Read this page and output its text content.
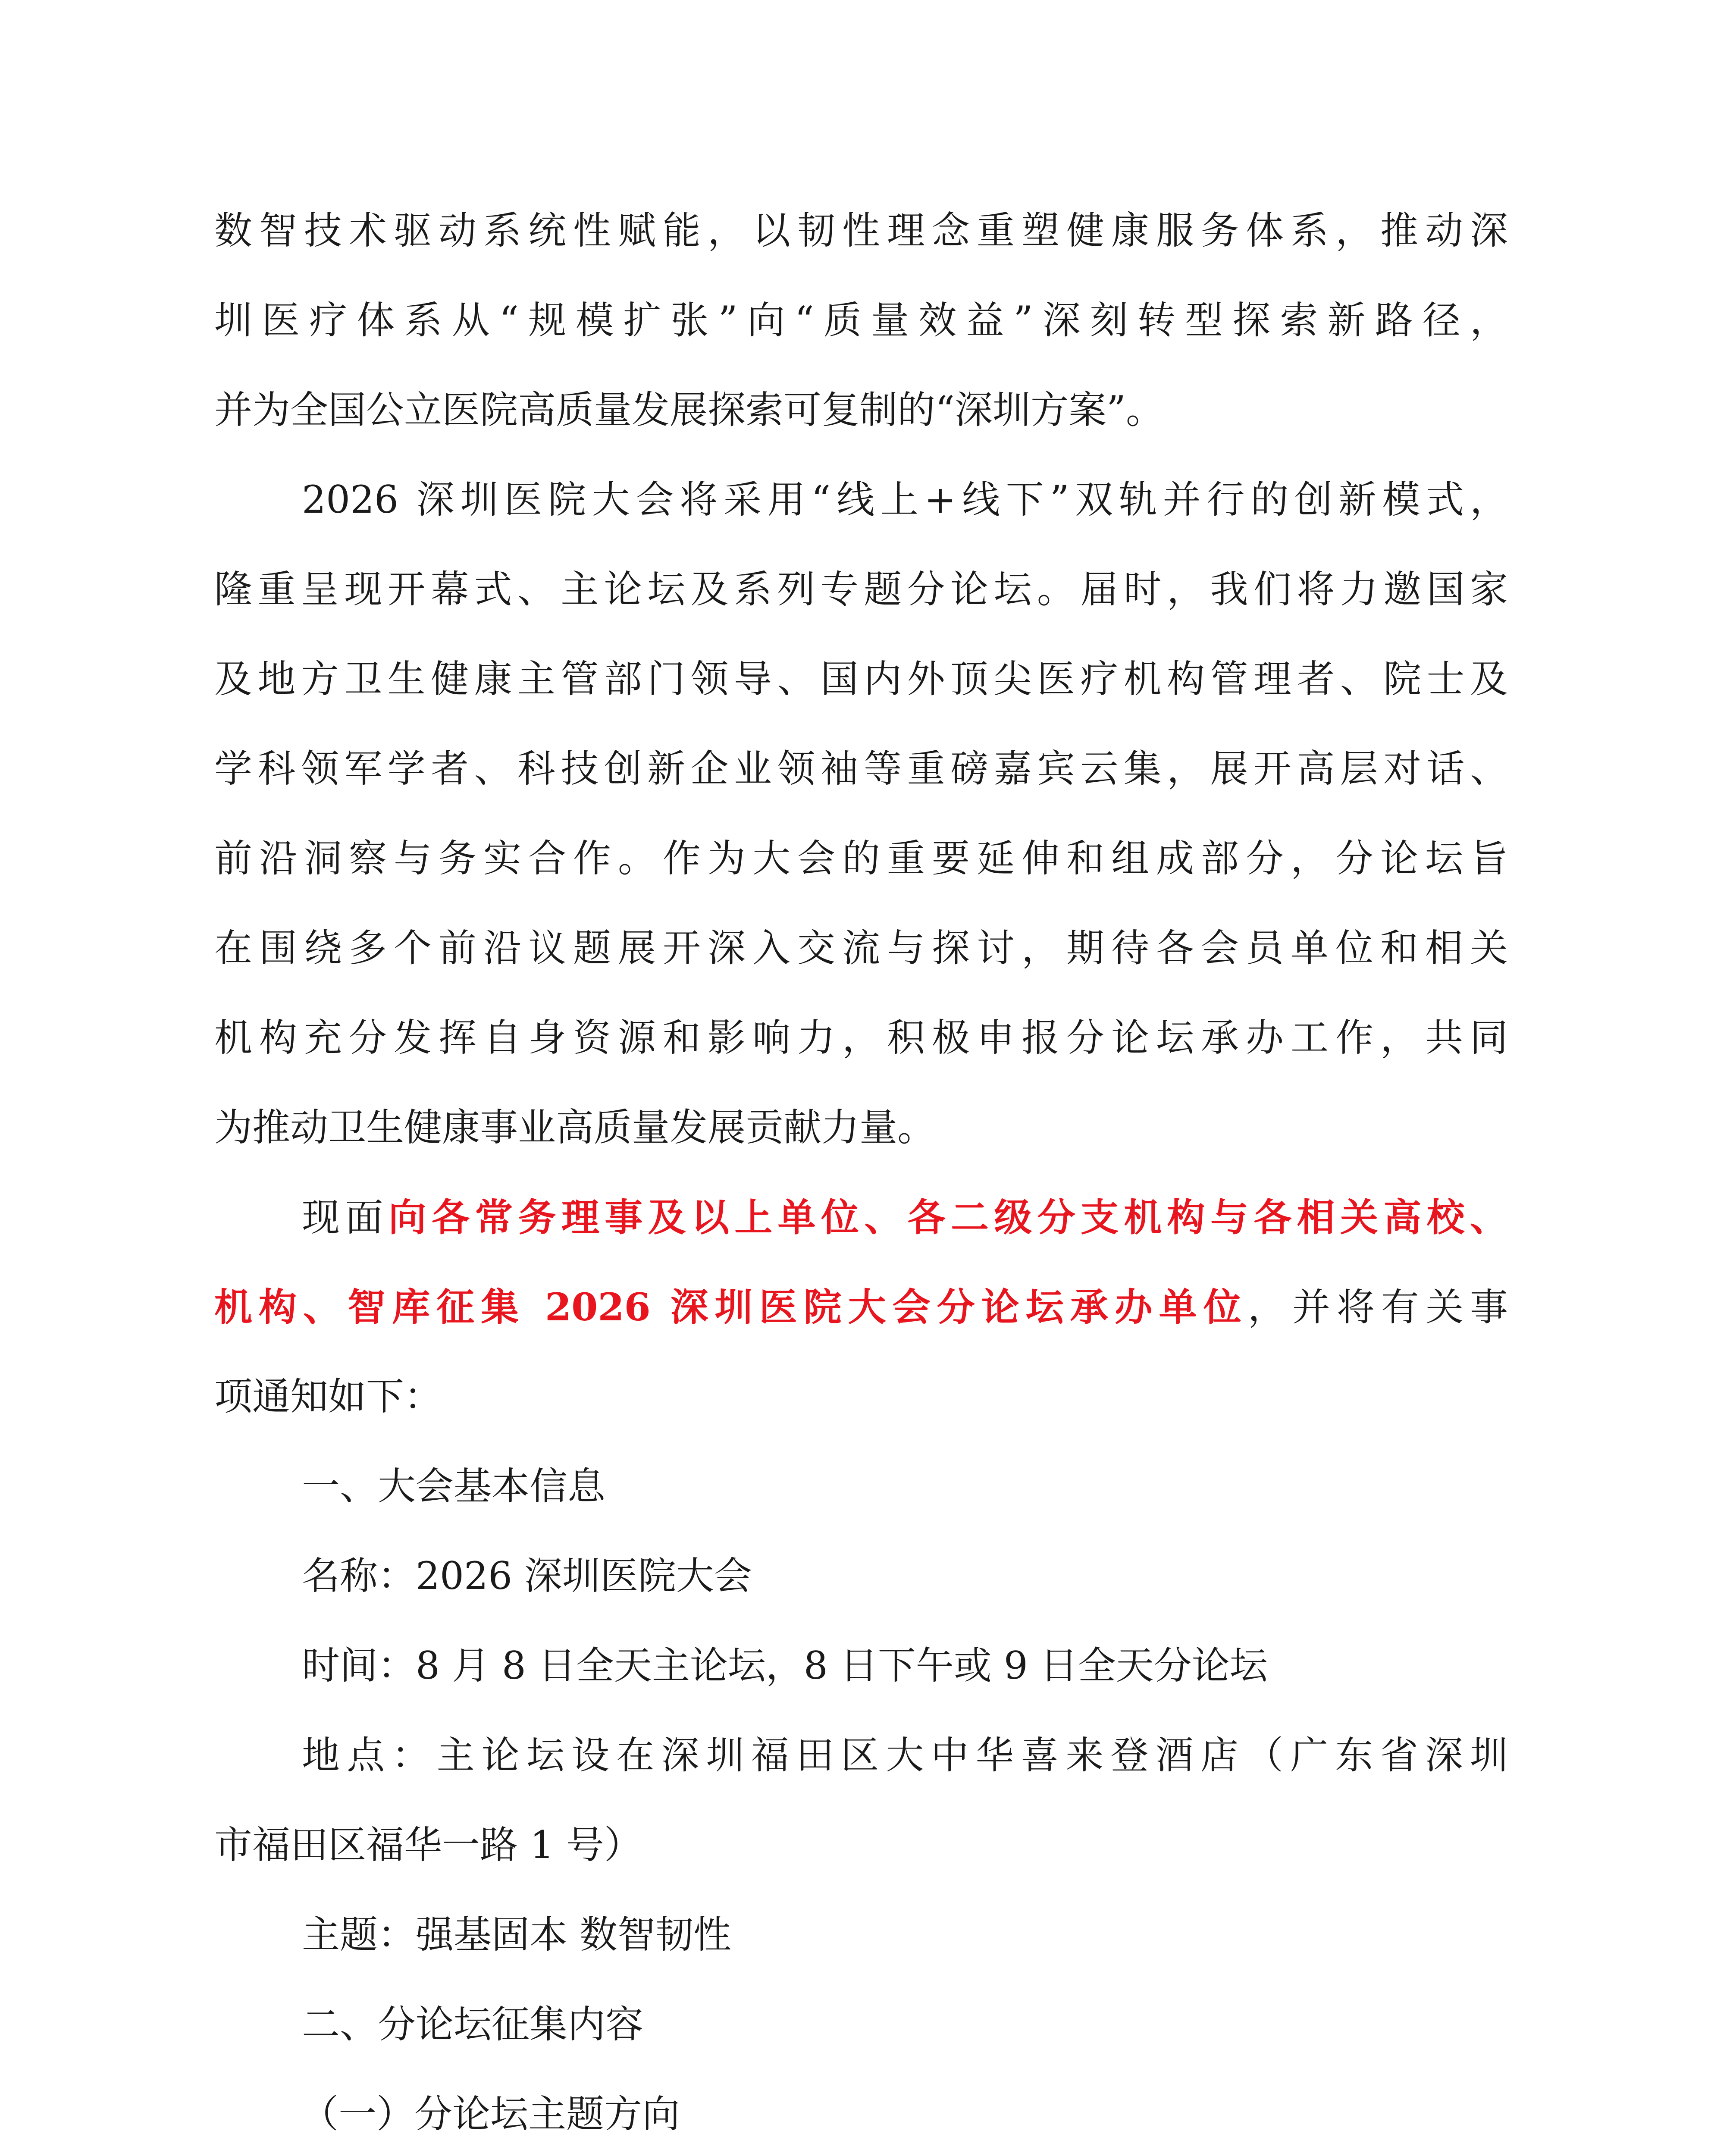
数智技术驱动系统性赋能，以韧性理念重塑健康服务体系，推动深
圳医疗体系从“规模扩张”向“质量效益”深刻转型探索新路径，
并为全国公立医院高质量发展探索可复制的“深圳方案”。
2026 深圳医院大会将采用“线上+线下”双轨并行的创新模式，
隆重呈现开幕式、主论坛及系列专题分论坛。届时，我们将力邀国家
及地方卫生健康主管部门领导、国内外顶尖医疗机构管理者、院士及
学科领军学者、科技创新企业领袖等重磅嘉宾云集，展开高层对话、
前沿洞察与务实合作。作为大会的重要延伸和组成部分，分论坛旨
在围绕多个前沿议题展开深入交流与探讨，期待各会员单位和相关
机构充分发挥自身资源和影响力，积极申报分论坛承办工作，共同
为推动卫生健康事业高质量发展贡献力量。
现面向各常务理事及以上单位、各二级分支机构与各相关高校、
机构、智库征集 2026 深圳医院大会分论坛承办单位，并将有关事
项通知如下：
一、大会基本信息
名称：2026 深圳医院大会
时间：8 月 8 日全天主论坛，8 日下午或 9 日全天分论坛
地点：主论坛设在深圳福田区大中华喜来登酒店（广东省深圳
市福田区福华一路 1 号）
主题：强基固本 数智韧性
二、分论坛征集内容
（一）分论坛主题方向
